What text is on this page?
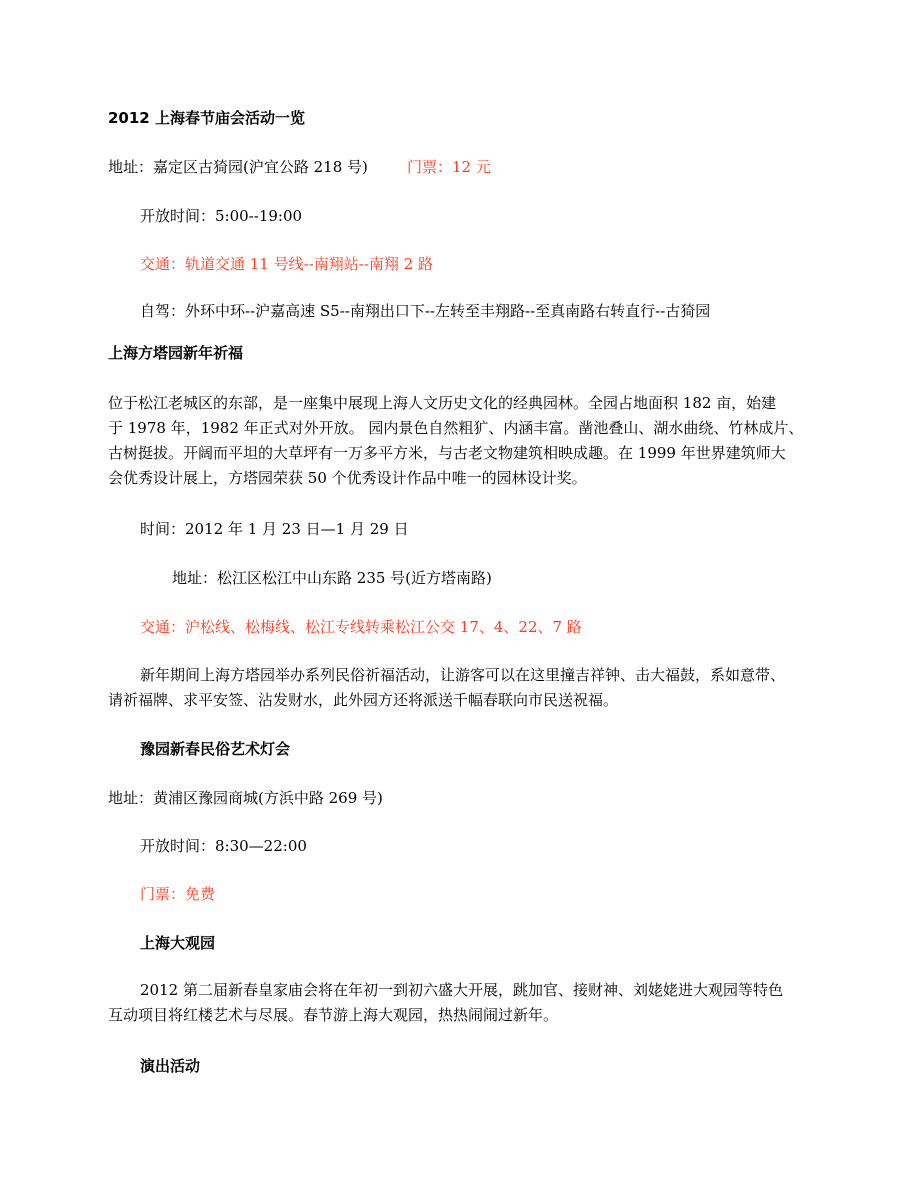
2012 上海春节庙会活动一览
地址：嘉定区古猗园(沪宜公路 218 号)	门票：12 元
开放时间：5:00--19:00
交通：轨道交通 11 号线--南翔站--南翔 2 路
自驾：外环中环--沪嘉高速 S5--南翔出口下--左转至丰翔路--至真南路右转直行--古猗园
上海方塔园新年祈福
位于松江老城区的东部，是一座集中展现上海人文历史文化的经典园林。全园占地面积 182 亩，始建
于 1978 年，1982 年正式对外开放。 园内景色自然粗犷、内涵丰富。凿池叠山、湖水曲绕、竹林成片、
古树挺拔。开阔而平坦的大草坪有一万多平方米，与古老文物建筑相映成趣。在 1999 年世界建筑师大
会优秀设计展上，方塔园荣获 50 个优秀设计作品中唯一的园林设计奖。
时间：2012 年 1 月 23 日—1 月 29 日
地址：松江区松江中山东路 235 号(近方塔南路)
交通：沪松线、松梅线、松江专线转乘松江公交 17、4、22、7 路
新年期间上海方塔园举办系列民俗祈福活动，让游客可以在这里撞吉祥钟、击大福鼓，系如意带、
请祈福牌、求平安签、沾发财水，此外园方还将派送千幅春联向市民送祝福。
豫园新春民俗艺术灯会
地址：黄浦区豫园商城(方浜中路 269 号)
开放时间：8:30—22:00
门票：免费
上海大观园
2012 第二届新春皇家庙会将在年初一到初六盛大开展，跳加官、接财神、刘姥姥进大观园等特色
互动项目将红楼艺术与尽展。春节游上海大观园，热热闹闹过新年。
演出活动
